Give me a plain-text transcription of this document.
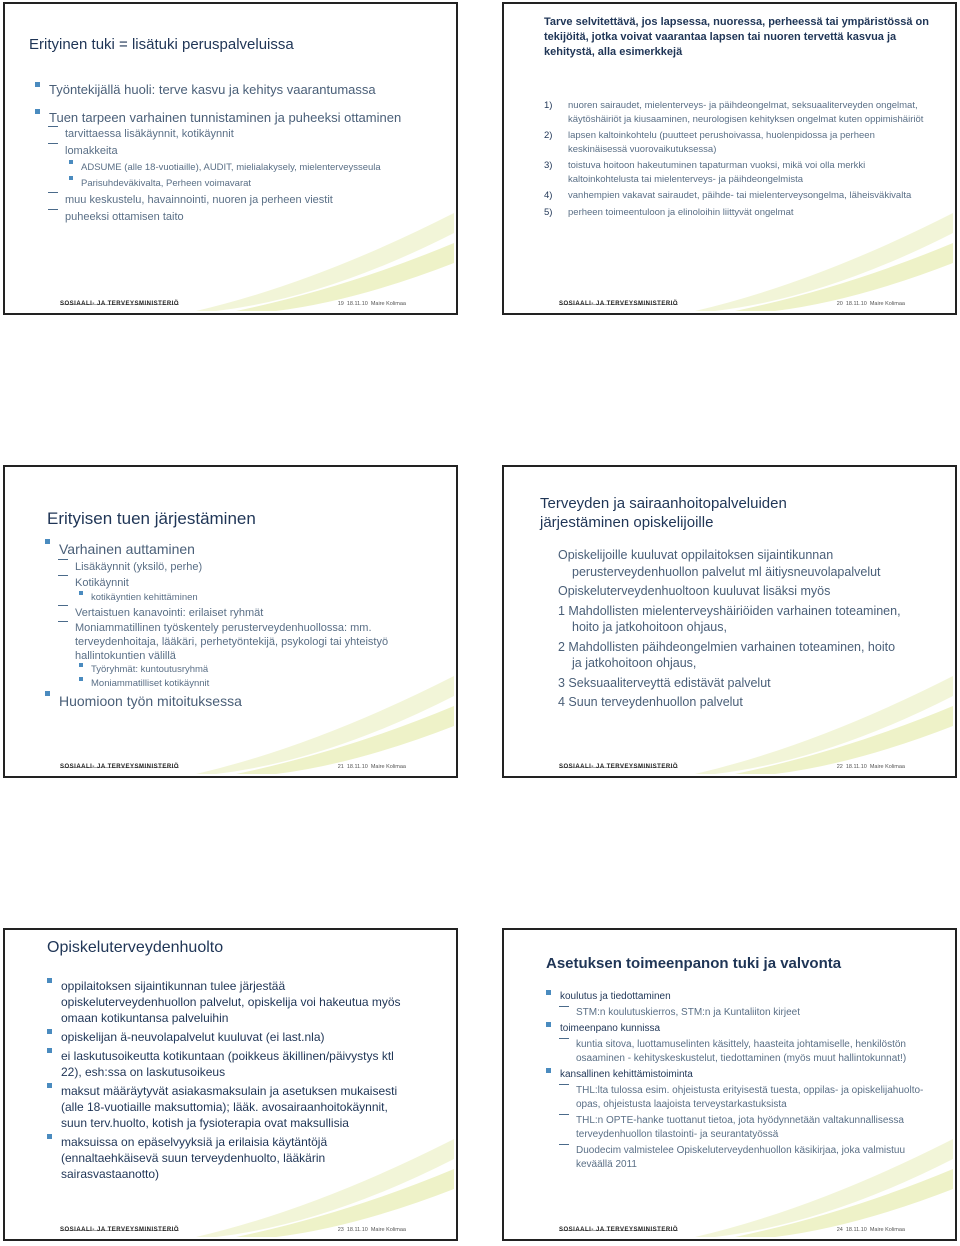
Erityinen tuki = lisätuki peruspalveluissa

Työntekijällä huoli: terve kasvu ja kehitys vaarantumassa

Tuen tarpeen varhainen tunnistaminen ja puheeksi ottaminen

tarvittaessa lisäkäynnit, kotikäynnit

lomakkeita

ADSUME (alle 18-vuotiaille), AUDIT, mielialakysely, mielenterveysseula

Parisuhdeväkivalta, Perheen voimavarat

muu keskustelu, havainnointi, nuoren ja perheen viestit

puheeksi ottamisen taito

SOSIAALI- JA TERVEYSMINISTERIÖ	19 18.11.10 Maire Kolimaa
Tarve selvitettävä, jos lapsessa, nuoressa, perheessä tai ympäristössä on tekijöitä, jotka voivat vaarantaa lapsen tai nuoren tervettä kasvua ja kehitystä, alla esimerkkejä
1)	nuoren sairaudet, mielenterveys- ja päihdeongelmat, seksuaaliterveyden ongelmat, käytöshäiriöt ja kiusaaminen, neurologisen kehityksen ongelmat kuten oppimishäiriöt
2)	lapsen kaltoinkohtelu (puutteet perushoivassa, huolenpidossa ja perheen keskinäisessä vuorovaikutuksessa)
3)	toistuva hoitoon hakeutuminen tapaturman vuoksi, mikä voi olla merkki kaltoinkohtelusta tai mielenterveys- ja päihdeongelmista
4)	vanhempien vakavat sairaudet, päihde- tai mielenterveysongelma, läheisväkivalta
5)	perheen toimeentuloon ja elinoloihin liittyvät ongelmat
SOSIAALI- JA TERVEYSMINISTERIÖ	20 18.11.10 Maire Kolimaa
Erityisen tuen järjestäminen

Varhainen auttaminen

Lisäkäynnit (yksilö, perhe)

Kotikäynnit

kotikäyntien kehittäminen

Vertaistuen kanavointi: erilaiset ryhmät

Moniammatillinen työskentely perusterveydenhuollossa: mm. terveydenhoitaja, lääkäri, perhetyöntekijä, psykologi tai yhteistyö hallintokuntien välillä

Työryhmät: kuntoutusryhmä

Moniammatilliset kotikäynnit

Huomioon työn mitoituksessa

SOSIAALI- JA TERVEYSMINISTERIÖ	21 18.11.10 Maire Kolimaa
Terveyden ja sairaanhoitopalveluiden järjestäminen opiskelijoille

Opiskelijoille kuuluvat oppilaitoksen sijaintikunnan perusterveydenhuollon palvelut ml äitiysneuvolapalvelut

Opiskeluterveydenhuoltoon kuuluvat lisäksi myös

1 Mahdollisten mielenterveyshäiriöiden varhainen toteaminen, hoito ja jatkohoitoon ohjaus,

2 Mahdollisten päihdeongelmien varhainen toteaminen, hoito ja jatkohoitoon ohjaus,

3 Seksuaaliterveyttä edistävät palvelut

4 Suun terveydenhuollon palvelut

SOSIAALI- JA TERVEYSMINISTERIÖ	22 18.11.10 Maire Kolimaa
Opiskeluterveydenhuolto

oppilaitoksen sijaintikunnan tulee järjestää opiskeluterveydenhuollon palvelut, opiskelija voi hakeutua myös omaan kotikuntansa palveluihin

opiskelijan ä-neuvolapalvelut kuuluvat (ei last.nla)

ei laskutusoikeutta kotikuntaan (poikkeus äkillinen/päivystys ktl 22), esh:ssa on laskutusoikeus

maksut määräytyvät asiakasmaksulain ja asetuksen mukaisesti (alle 18-vuotiaille maksuttomia); lääk. avosairaanhoitokäynnit, suun terv.huolto, kotish ja fysioterapia ovat maksullisia

maksuissa on epäselvyyksiä ja erilaisia käytäntöjä (ennaltaehkäisevä suun terveydenhuolto, lääkärin sairasvastaanotto)

SOSIAALI- JA TERVEYSMINISTERIÖ	23 18.11.10 Maire Kolimaa
Asetuksen toimeenpanon tuki ja valvonta

koulutus ja tiedottaminen

STM:n koulutuskierros, STM:n ja Kuntaliiton kirjeet

toimeenpano kunnissa

kuntia sitova, luottamuselinten käsittely, haasteita johtamiselle, henkilöstön osaaminen - kehityskeskustelut, tiedottaminen (myös muut hallintokunnat!)

kansallinen kehittämistoiminta

THL:lta tulossa esim. ohjeistusta erityisestä tuesta, oppilas- ja opiskelijahuolto-opas, ohjeistusta laajoista terveystarkastuksista

THL:n OPTE-hanke tuottanut tietoa, jota hyödynnetään valtakunnallisessa terveydenhuollon tilastointi- ja seurantatyössä

Duodecim valmistelee Opiskeluterveydenhuollon käsikirjaa, joka valmistuu keväällä 2011

SOSIAALI- JA TERVEYSMINISTERIÖ	24 18.11.10 Maire Kolimaa
